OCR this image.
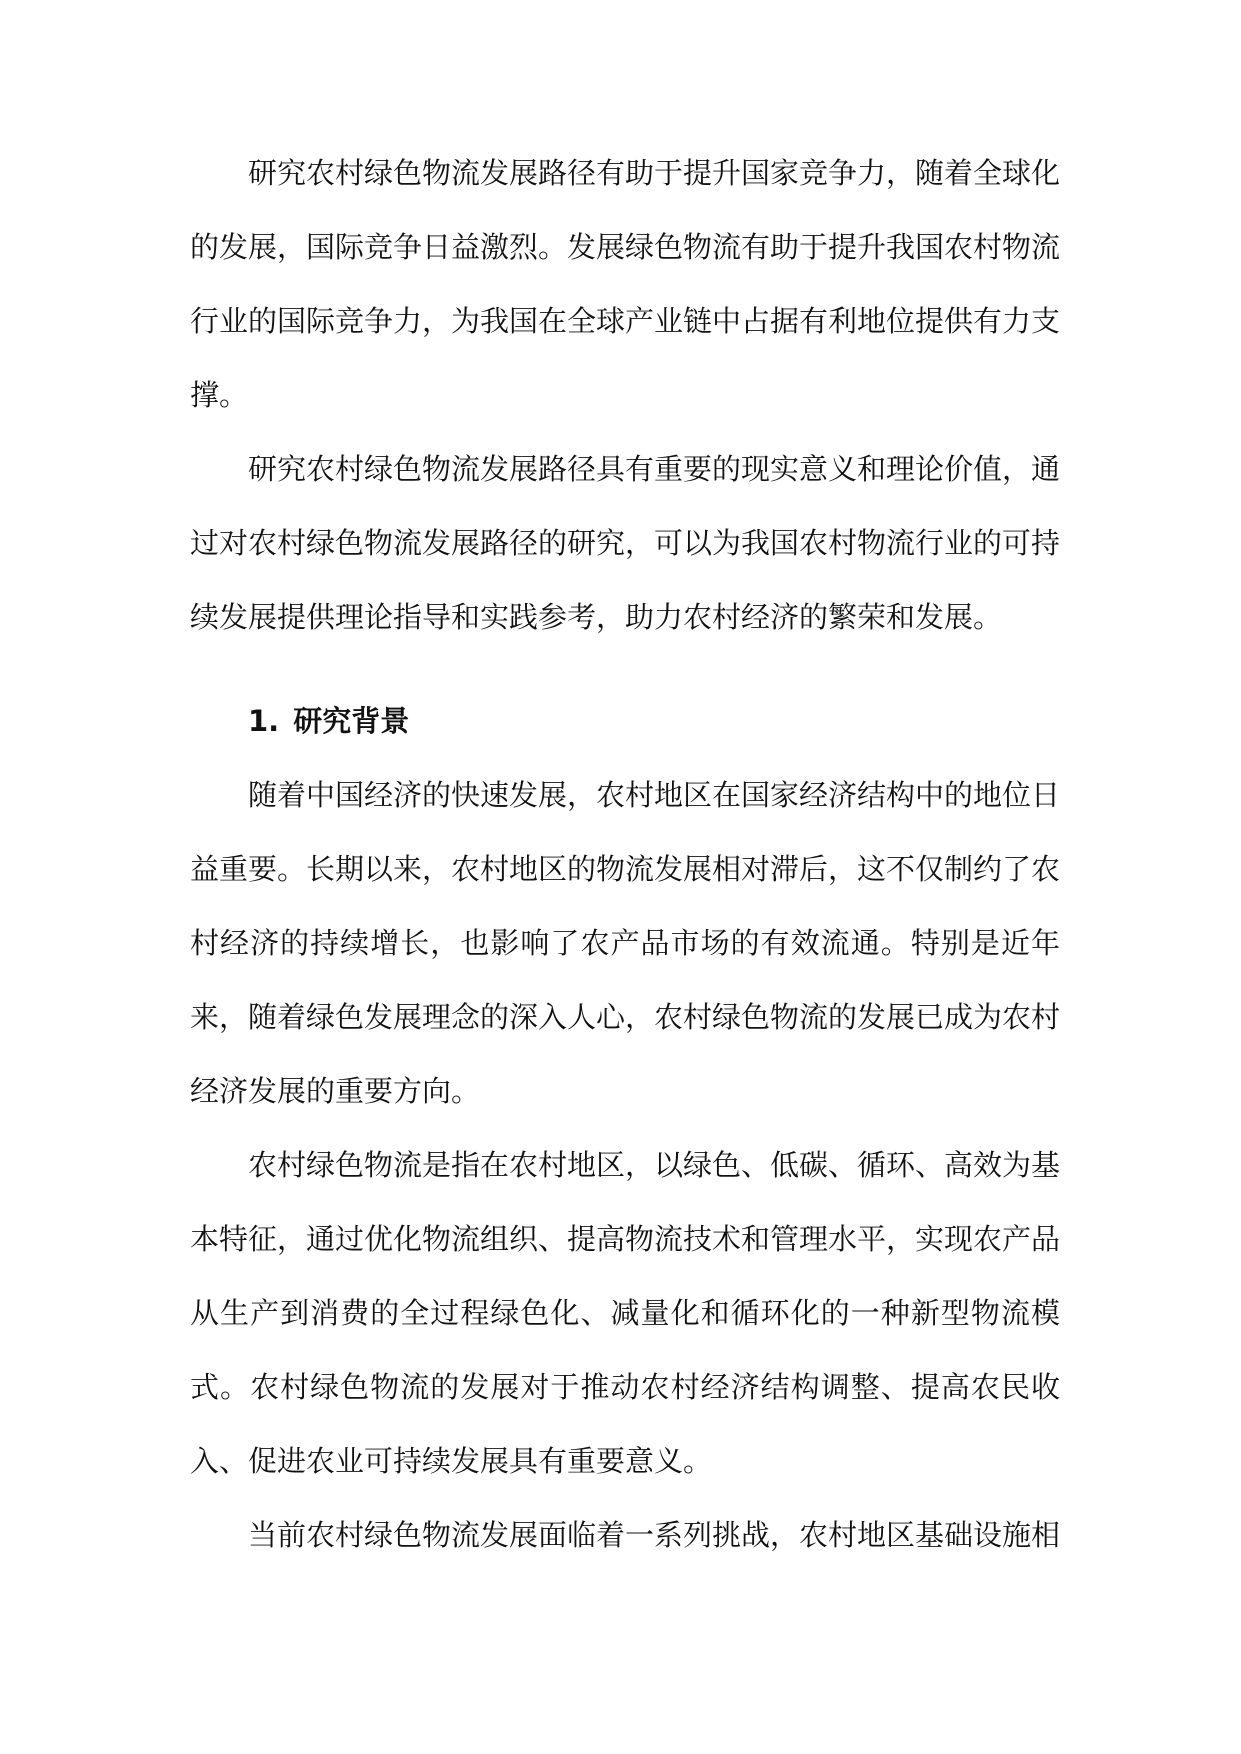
研究农村绿色物流发展路径有助于提升国家竞争力，随着全球化的发展，国际竞争日益激烈。发展绿色物流有助于提升我国农村物流行业的国际竞争力，为我国在全球产业链中占据有利地位提供有力支撑。

研究农村绿色物流发展路径具有重要的现实意义和理论价值，通过对农村绿色物流发展路径的研究，可以为我国农村物流行业的可持续发展提供理论指导和实践参考，助力农村经济的繁荣和发展。

1. 研究背景

随着中国经济的快速发展，农村地区在国家经济结构中的地位日益重要。长期以来，农村地区的物流发展相对滞后，这不仅制约了农村经济的持续增长，也影响了农产品市场的有效流通。特别是近年来，随着绿色发展理念的深入人心，农村绿色物流的发展已成为农村经济发展的重要方向。

农村绿色物流是指在农村地区，以绿色、低碳、循环、高效为基本特征，通过优化物流组织、提高物流技术和管理水平，实现农产品从生产到消费的全过程绿色化、减量化和循环化的一种新型物流模式。农村绿色物流的发展对于推动农村经济结构调整、提高农民收入、促进农业可持续发展具有重要意义。

当前农村绿色物流发展面临着一系列挑战，农村地区基础设施相
